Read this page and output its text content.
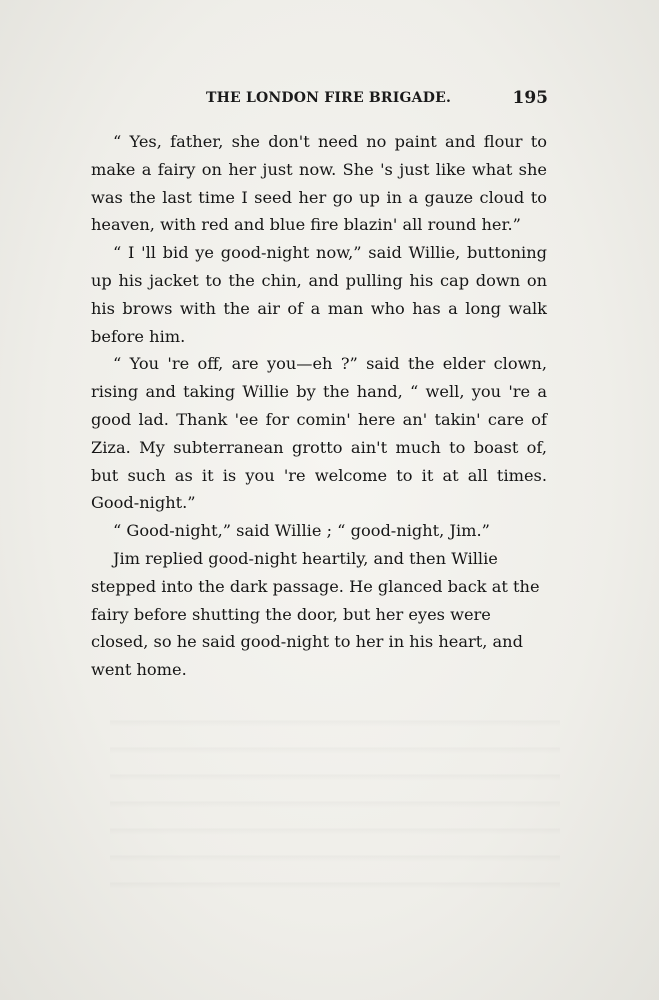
THE LONDON FIRE BRIGADE.	195

“ Yes, father, she don't need no paint and flour to make a fairy on her just now. She 's just like what she was the last time I seed her go up in a gauze cloud to heaven, with red and blue fire blazin' all round her.”

“ I 'll bid ye good-night now,” said Willie, buttoning up his jacket to the chin, and pulling his cap down on his brows with the air of a man who has a long walk before him.

“ You 're off, are you—eh ?” said the elder clown, rising and taking Willie by the hand, “ well, you 're a good lad. Thank 'ee for comin' here an' takin' care of Ziza. My subterranean grotto ain't much to boast of, but such as it is you 're welcome to it at all times. Good-night.”

“ Good-night,” said Willie ; “ good-night, Jim.”

Jim replied good-night heartily, and then Willie stepped into the dark passage. He glanced back at the fairy before shutting the door, but her eyes were closed, so he said good-night to her in his heart, and went home.
